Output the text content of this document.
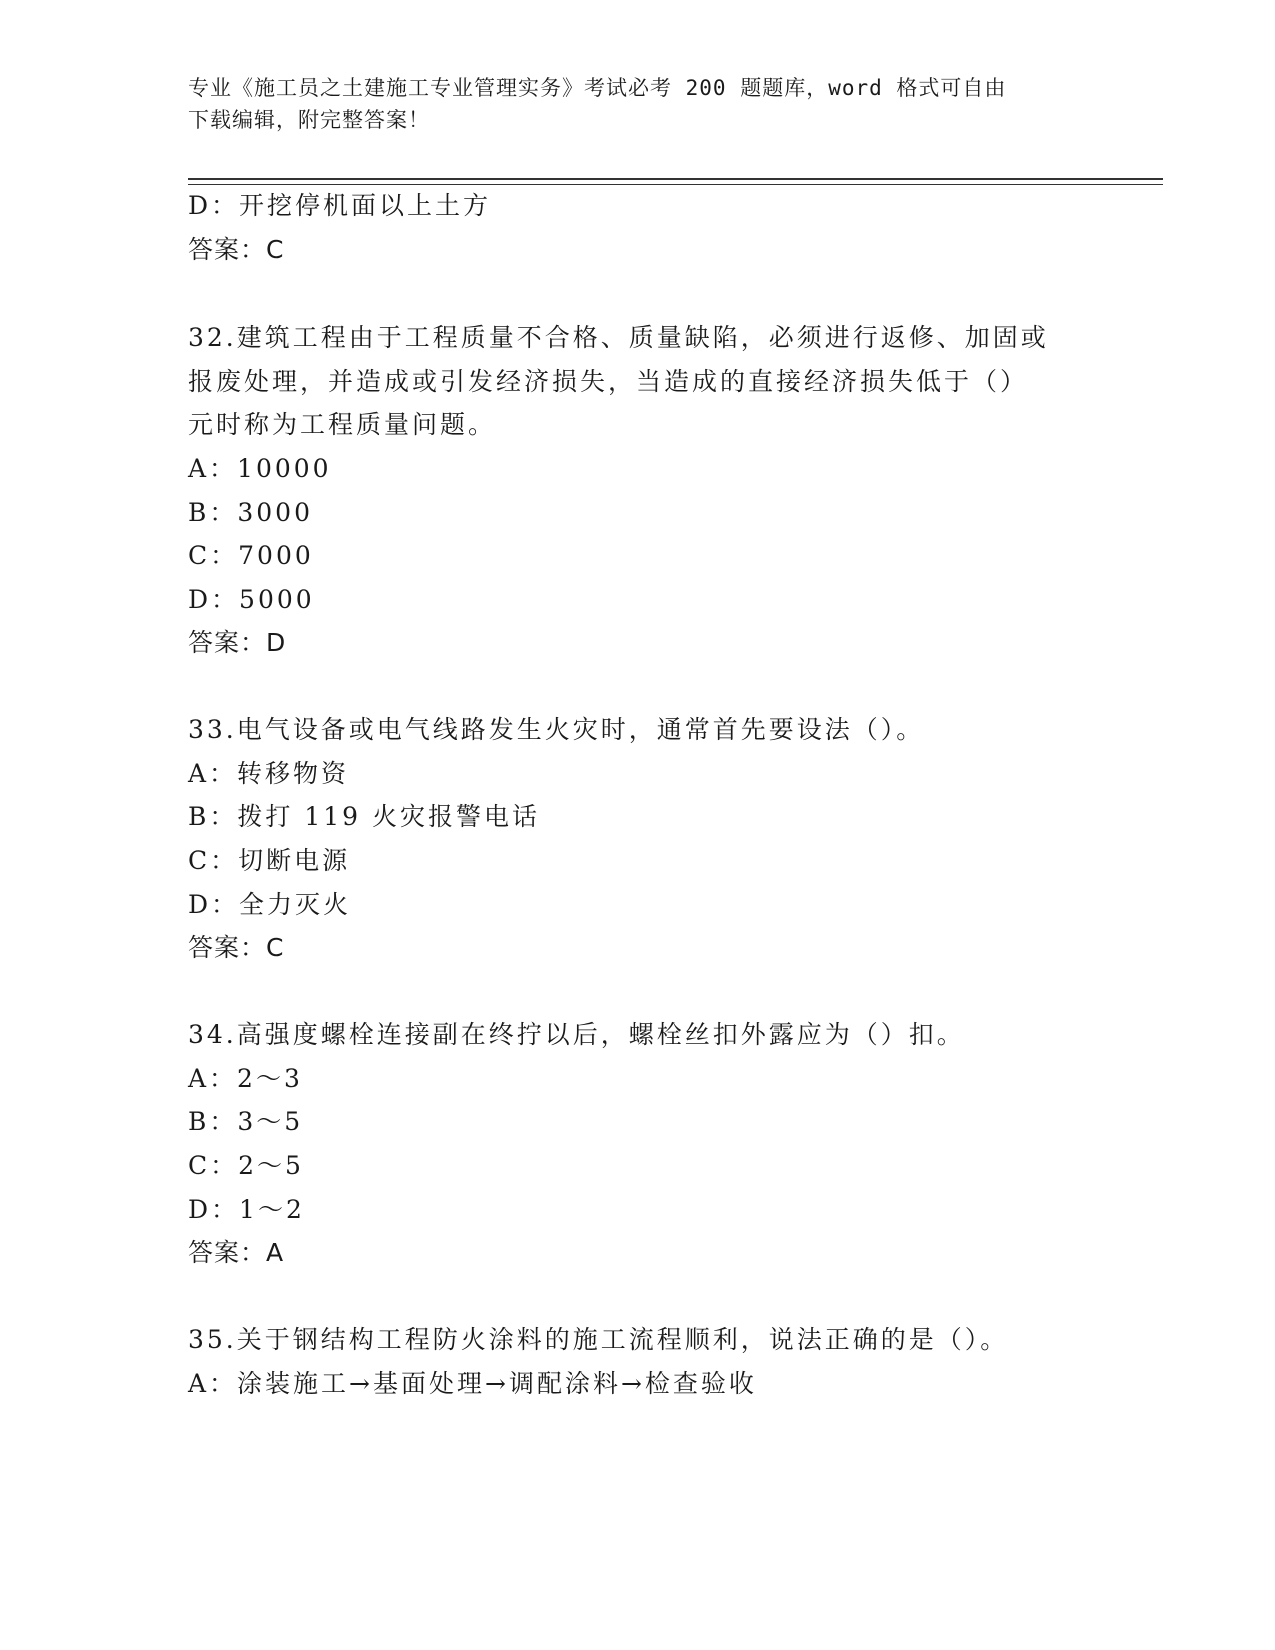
专业《施工员之土建施工专业管理实务》考试必考 200 题题库，word 格式可自由
下载编辑，附完整答案！
D：开挖停机面以上土方
答案：C
32.建筑工程由于工程质量不合格、质量缺陷，必须进行返修、加固或
报废处理，并造成或引发经济损失，当造成的直接经济损失低于（）
元时称为工程质量问题。
A：10000
B：3000
C：7000
D：5000
答案：D
33.电气设备或电气线路发生火灾时，通常首先要设法（）。
A：转移物资
B：拨打 119 火灾报警电话
C：切断电源
D：全力灭火
答案：C
34.高强度螺栓连接副在终拧以后，螺栓丝扣外露应为（）扣。
A：2～3
B：3～5
C：2～5
D：1～2
答案：A
35.关于钢结构工程防火涂料的施工流程顺利，说法正确的是（）。
A：涂装施工→基面处理→调配涂料→检查验收
